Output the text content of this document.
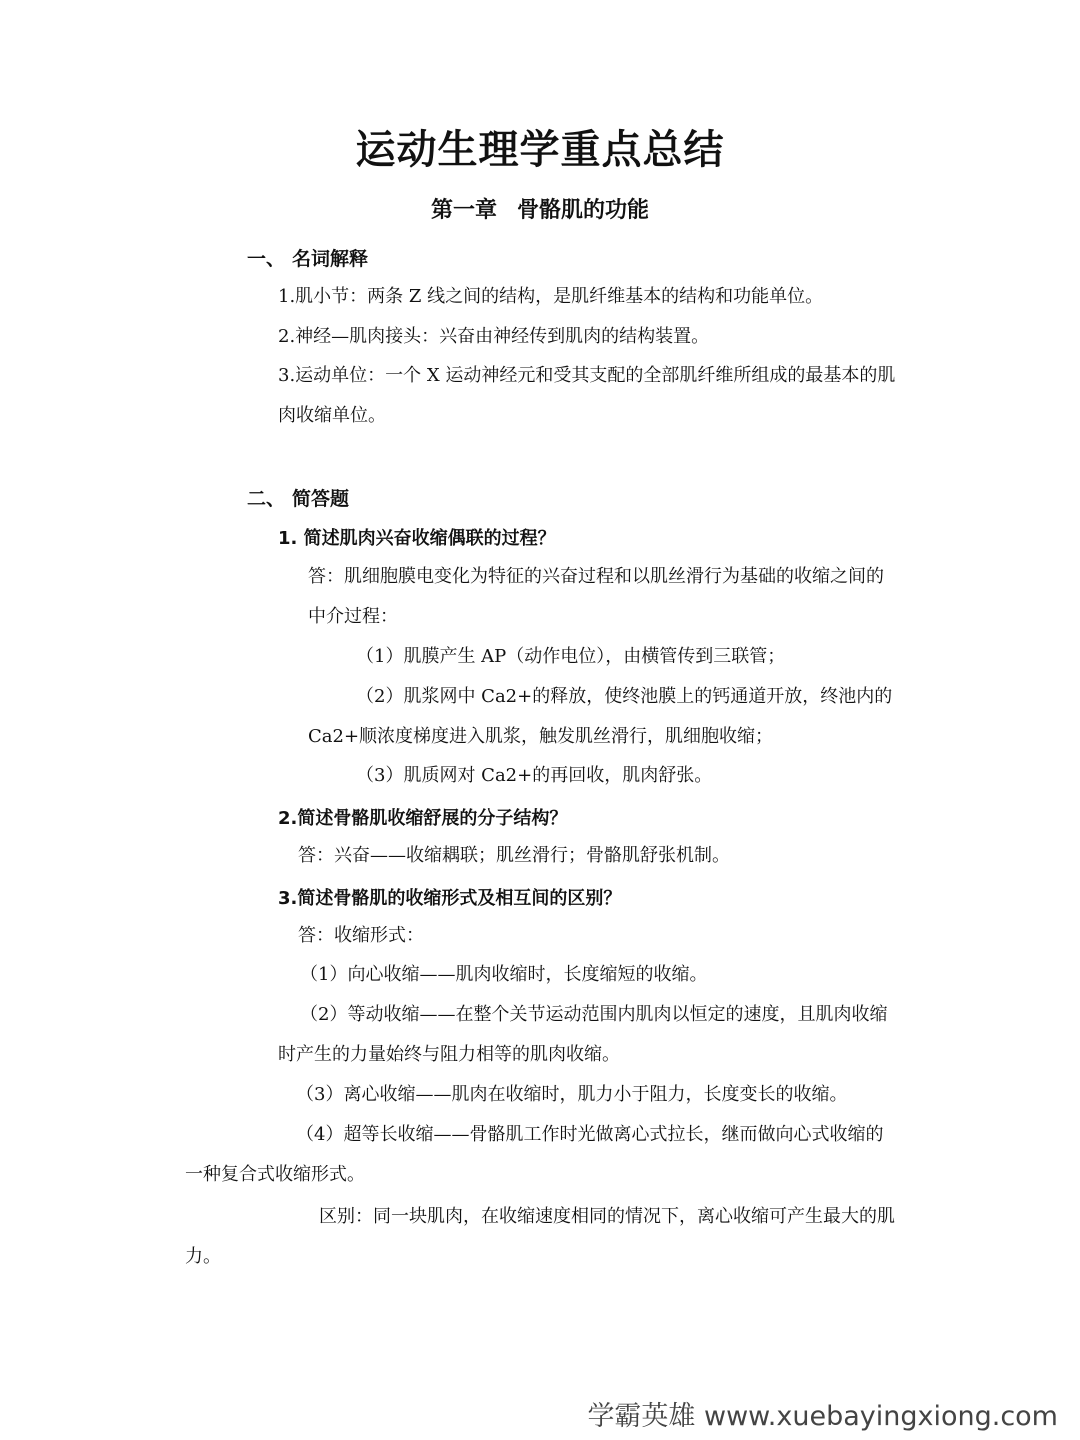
运动生理学重点总结
第一章 骨骼肌的功能
一、 名词解释
1.肌小节：两条 Z 线之间的结构，是肌纤维基本的结构和功能单位。
2.神经—肌肉接头：兴奋由神经传到肌肉的结构装置。
3.运动单位：一个 X 运动神经元和受其支配的全部肌纤维所组成的最基本的肌肉收缩单位。
二、 简答题
1. 简述肌肉兴奋收缩偶联的过程？
答：肌细胞膜电变化为特征的兴奋过程和以肌丝滑行为基础的收缩之间的中介过程：
（1）肌膜产生 AP（动作电位），由横管传到三联管；
（2）肌浆网中 Ca2+的释放，使终池膜上的钙通道开放，终池内的 Ca2+顺浓度梯度进入肌浆，触发肌丝滑行，肌细胞收缩；
（3）肌质网对 Ca2+的再回收，肌肉舒张。
2.简述骨骼肌收缩舒展的分子结构？
答：兴奋——收缩耦联；肌丝滑行；骨骼肌舒张机制。
3.简述骨骼肌的收缩形式及相互间的区别？
答：收缩形式：
（1）向心收缩——肌肉收缩时，长度缩短的收缩。
（2）等动收缩——在整个关节运动范围内肌肉以恒定的速度，且肌肉收缩时产生的力量始终与阻力相等的肌肉收缩。
（3）离心收缩——肌肉在收缩时，肌力小于阻力，长度变长的收缩。
（4）超等长收缩——骨骼肌工作时光做离心式拉长，继而做向心式收缩的一种复合式收缩形式。
区别：同一块肌肉，在收缩速度相同的情况下，离心收缩可产生最大的肌力。
学霸英雄 www.xuebayingxiong.com
